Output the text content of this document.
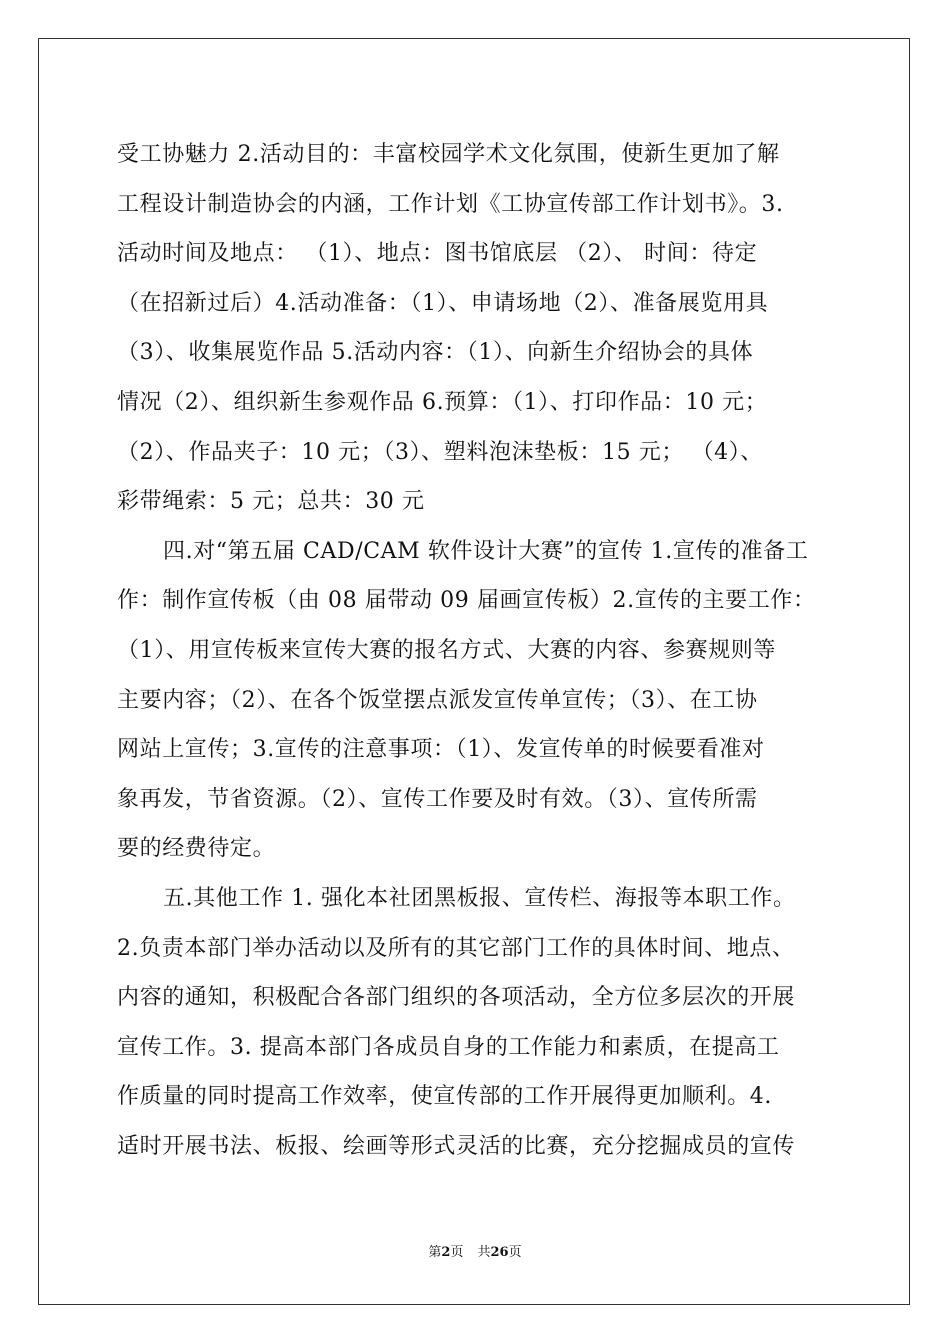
受工协魅力 2.活动目的：丰富校园学术文化氛围，使新生更加了解
工程设计制造协会的内涵，工作计划《工协宣传部工作计划书》。3.
活动时间及地点： （1）、地点：图书馆底层 （2）、 时间：待定
（在招新过后）4.活动准备：（1）、申请场地（2）、准备展览用具
（3）、收集展览作品 5.活动内容：（1）、向新生介绍协会的具体
情况（2）、组织新生参观作品 6.预算：（1）、打印作品：10 元；
（2）、作品夹子：10 元；（3）、塑料泡沫垫板：15 元； （4）、
彩带绳索：5 元；总共：30 元
四.对“第五届 CAD/CAM 软件设计大赛”的宣传 1.宣传的准备工
作：制作宣传板（由 08 届带动 09 届画宣传板）2.宣传的主要工作：
（1）、用宣传板来宣传大赛的报名方式、大赛的内容、参赛规则等
主要内容；（2）、在各个饭堂摆点派发宣传单宣传；（3）、在工协
网站上宣传；3.宣传的注意事项：（1）、发宣传单的时候要看准对
象再发，节省资源。（2）、宣传工作要及时有效。（3）、宣传所需
要的经费待定。
五.其他工作 1. 强化本社团黑板报、宣传栏、海报等本职工作。
2.负责本部门举办活动以及所有的其它部门工作的具体时间、地点、
内容的通知，积极配合各部门组织的各项活动，全方位多层次的开展
宣传工作。3. 提高本部门各成员自身的工作能力和素质，在提高工
作质量的同时提高工作效率，使宣传部的工作开展得更加顺利。4.
适时开展书法、板报、绘画等形式灵活的比赛，充分挖掘成员的宣传
第2页 共26页
